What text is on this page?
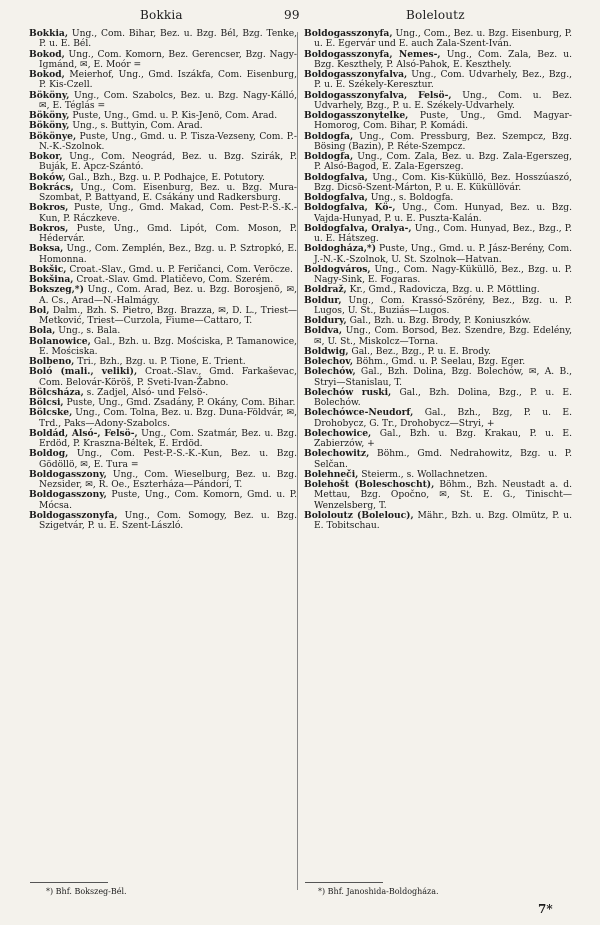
Bokkia	99	Boleloutz

Bokkia, Ung., Com. Bihar, Bez. u. Bzg. Bél, Bzg. Tenke, P. u. E. Bél.

Bokod, Ung., Com. Komorn, Bez. Gerencser, Bzg. Nagy-Igmánd, ✉, E. Moór =

Bokod, Meierhof, Ung., Gmd. Iszákfa, Com. Eisenburg, P. Kis-Czell.

Bököny, Ung., Com. Szabolcs, Bez. u. Bzg. Nagy-Kálló, ✉, E. Téglás =

Bököny, Puste, Ung., Gmd. u. P. Kis-Jenö, Com. Arad.

Bököny, Ung., s. Buttyin, Com. Arad.

Bökönye, Puste, Ung., Gmd. u. P. Tisza-Vezseny, Com. P.-N.-K.-Szolnok.

Bokor, Ung., Com. Neográd, Bez. u. Bzg. Szirák, P. Buják, E. Apcz-Szántó.

Boków, Gal., Bzh., Bzg. u. P. Podhajce, E. Potutory.

Bokrács, Ung., Com. Eisenburg, Bez. u. Bzg. Mura-Szombat, P. Battyand, E. Csákány und Radkersburg.

Bokros, Puste, Ung., Gmd. Makad, Com. Pest-P.-S.-K.-Kun, P. Ráczkeve.

Bokros, Puste, Ung., Gmd. Lipót, Com. Moson, P. Hédervár.

Boksa, Ung., Com. Zemplén, Bez., Bzg. u. P. Sztropkó, E. Homonna.

Bokšic, Croat.-Slav., Gmd. u. P. Feričanci, Com. Veröcze.

Bokšina, Croat.-Slav. Gmd. Platičevo, Com. Szerém.

Bokszeg,*) Ung., Com. Arad, Bez. u. Bzg. Borosjenö, ✉, A. Cs., Arad—N.-Halmágy.

Bol, Dalm., Bzh. S. Pietro, Bzg. Brazza, ✉, D. L., Triest—Metković, Triest—Curzola, Fiume—Cattaro, T.

Bola, Ung., s. Bala.

Bolanowice, Gal., Bzh. u. Bzg. Mościska, P. Tamanowice, E. Mościska.

Bolbeno, Tri., Bzh., Bzg. u. P. Tione, E. Trient.

Boló (mali., veliki), Croat.-Slav., Gmd. Farkaševac, Com. Belovár-Köröš, P. Sveti-Ivan-Žabno.

Bölcsháza, s. Zadjel, Alsó- und Felsö-.

Bölcsi, Puste, Ung., Gmd. Zsadány, P. Okány, Com. Bihar.

Bölcske, Ung., Com. Tolna, Bez. u. Bzg. Duna-Földvár, ✉, Trd., Paks—Adony-Szabolcs.

Boldád, Alsó-, Felsö-, Ung., Com. Szatmár, Bez. u. Bzg. Erdöd, P. Kraszna-Béltek, E. Erdöd.

Boldog, Ung., Com. Pest-P.-S.-K.-Kun, Bez. u. Bzg. Gödöllö, ✉, E. Tura =

Boldogasszony, Ung., Com. Wieselburg, Bez. u. Bzg. Nezsider, ✉, R. Oe., Eszterháza—Pándorí, T.

Boldogasszony, Puste, Ung., Com. Komorn, Gmd. u. P. Mócsa.

Boldogasszonyfa, Ung., Com. Somogy, Bez. u. Bzg. Szigetvár, P. u. E. Szent-László.

Boldogasszonyfa, Ung., Com., Bez. u. Bzg. Eisenburg, P. u. E. Egervár und E. auch Zala-Szent-Iván.

Boldogasszonyfa, Nemes-, Ung., Com. Zala, Bez. u. Bzg. Keszthely, P. Alsó-Pahok, E. Keszthely.

Boldogasszonyfalva, Ung., Com. Udvarhely, Bez., Bzg., P. u. E. Székely-Keresztur.

Boldogasszonyfalva, Felsö-, Ung., Com. u. Bez. Udvarhely, Bzg., P. u. E. Székely-Udvarhely.

Boldogasszonytelke, Puste, Ung., Gmd. Magyar-Homorog, Com. Bihar, P. Komádi.

Boldogfa, Ung., Com. Pressburg, Bez. Szempcz, Bzg. Bösing (Bazin), P. Réte-Szempcz.

Boldogfa, Ung., Com. Zala, Bez. u. Bzg. Zala-Egerszeg, P. Alsó-Bagod, E. Zala-Egerszeg.

Boldogfalva, Ung., Com. Kis-Küküllö, Bez. Hosszúaszó, Bzg. Dicsö-Szent-Márton, P. u. E. Küküllövár.

Boldogfalva, Ung., s. Boldogfa.

Boldogfalva, Kö-, Ung., Com. Hunyad, Bez. u. Bzg. Vajda-Hunyad, P. u. E. Puszta-Kalán.

Boldogfalva, Oralya-, Ung., Com. Hunyad, Bez., Bzg., P. u. E. Hátszeg.

Boldogháza,*) Puste, Ung., Gmd. u. P. Jász-Berény, Com. J.-N.-K.-Szolnok, U. St. Szolnok—Hatvan.

Boldogváros, Ung., Com. Nagy-Küküllö, Bez., Bzg. u. P. Nagy-Sink, E. Fogaras.

Boldraž, Kr., Gmd., Radovicza, Bzg. u. P. Möttling.

Boldur, Ung., Com. Krassó-Szörény, Bez., Bzg. u. P. Lugos, U. St., Buziás—Lugos.

Boldury, Gal., Bzh. u. Bzg. Brody, P. Koniuszków.

Boldva, Ung., Com. Borsod, Bez. Szendre, Bzg. Edelény, ✉, U. St., Miskolcz—Torna.

Boldwig, Gal., Bez., Bzg., P. u. E. Brody.

Bolechov, Böhm., Gmd. u. P. Seelau, Bzg. Eger.

Bolechów, Gal., Bzh. Dolina, Bzg. Bolechów, ✉, A. B., Stryi—Stanislau, T.

Bolechów ruski, Gal., Bzh. Dolina, Bzg., P. u. E. Bolechów.

Bolechówce-Neudorf, Gal., Bzh., Bzg, P. u. E. Drohobycz, G. Tr., Drohobycz—Stryi, +

Bolechowice, Gal., Bzh. u. Bzg. Krakau, P. u. E. Zabierzów, +

Bolechowitz, Böhm., Gmd. Nedrahowitz, Bzg. u. P. Selčan.

Bolehneči, Steierm., s. Wollachnetzen.

Bolehošt (Boleschoscht), Böhm., Bzh. Neustadt a. d. Mettau, Bzg. Opočno, ✉, St. E. G., Tinischt—Wenzelsberg, T.

Bololoutz (Bolelouc), Mähr., Bzh. u. Bzg. Olmütz, P. u. E. Tobitschau.

*) Bhf. Bokszeg-Bél.	*) Bhf. Janoshida-Boldogháza.
7*
